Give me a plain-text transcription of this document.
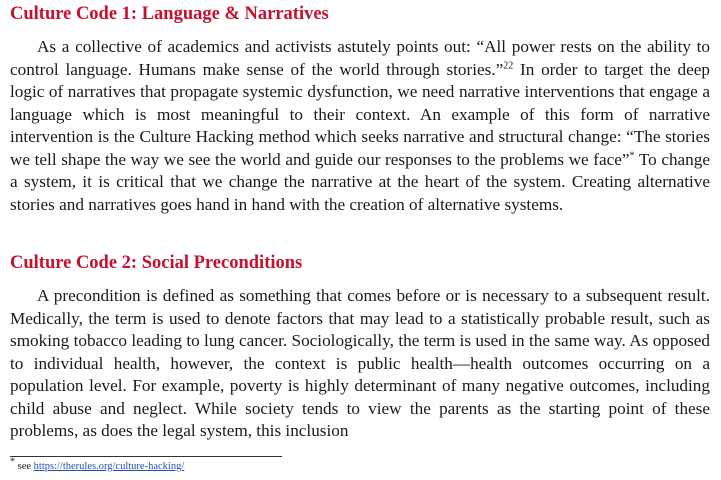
Culture Code 1: Language & Narratives

As a collective of academics and activists astutely points out: “All power rests on the ability to control language. Humans make sense of the world through stories.”$^{22}$ In order to target the deep logic of narratives that propagate systemic dysfunction, we need narrative interventions that engage a language which is most meaningful to their context. An example of this form of narrative intervention is the Culture Hacking method which seeks narrative and structural change: “The stories we tell shape the way we see the world and guide our responses to the problems we face”* To change a system, it is critical that we change the narrative at the heart of the system. Creating alternative stories and narratives goes hand in hand with the creation of alternative systems.

Culture Code 2: Social Preconditions

A precondition is defined as something that comes before or is necessary to a subsequent result. Medically, the term is used to denote factors that may lead to a statistically probable result, such as smoking tobacco leading to lung cancer. Sociologically, the term is used in the same way. As opposed to individual health, however, the context is public health—health outcomes occurring on a population level. For example, poverty is highly determinant of many negative outcomes, including child abuse and neglect. While society tends to view the parents as the starting point of these problems, as does the legal system, this inclusion

* see https://therules.org/culture-hacking/
